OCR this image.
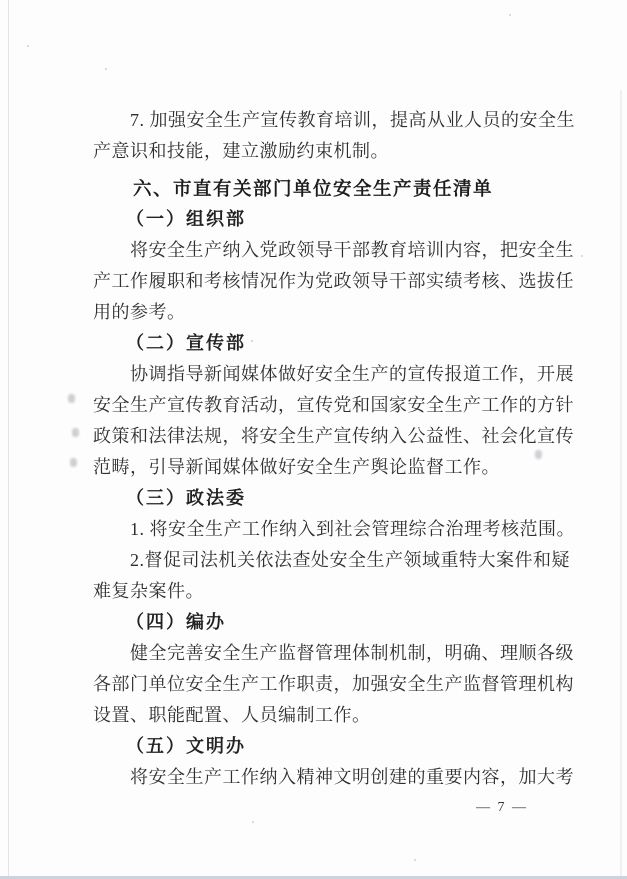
7. 加强安全生产宣传教育培训，提高从业人员的安全生
产意识和技能，建立激励约束机制。
六、市直有关部门单位安全生产责任清单
（一）组织部
将安全生产纳入党政领导干部教育培训内容，把安全生
产工作履职和考核情况作为党政领导干部实绩考核、选拔任
用的参考。
（二）宣传部
协调指导新闻媒体做好安全生产的宣传报道工作，开展
安全生产宣传教育活动，宣传党和国家安全生产工作的方针
政策和法律法规，将安全生产宣传纳入公益性、社会化宣传
范畴，引导新闻媒体做好安全生产舆论监督工作。
（三）政法委
1. 将安全生产工作纳入到社会管理综合治理考核范围。
2.督促司法机关依法查处安全生产领域重特大案件和疑
难复杂案件。
（四）编办
健全完善安全生产监督管理体制机制，明确、理顺各级
各部门单位安全生产工作职责，加强安全生产监督管理机构
设置、职能配置、人员编制工作。
（五）文明办
将安全生产工作纳入精神文明创建的重要内容，加大考
— 7 —
